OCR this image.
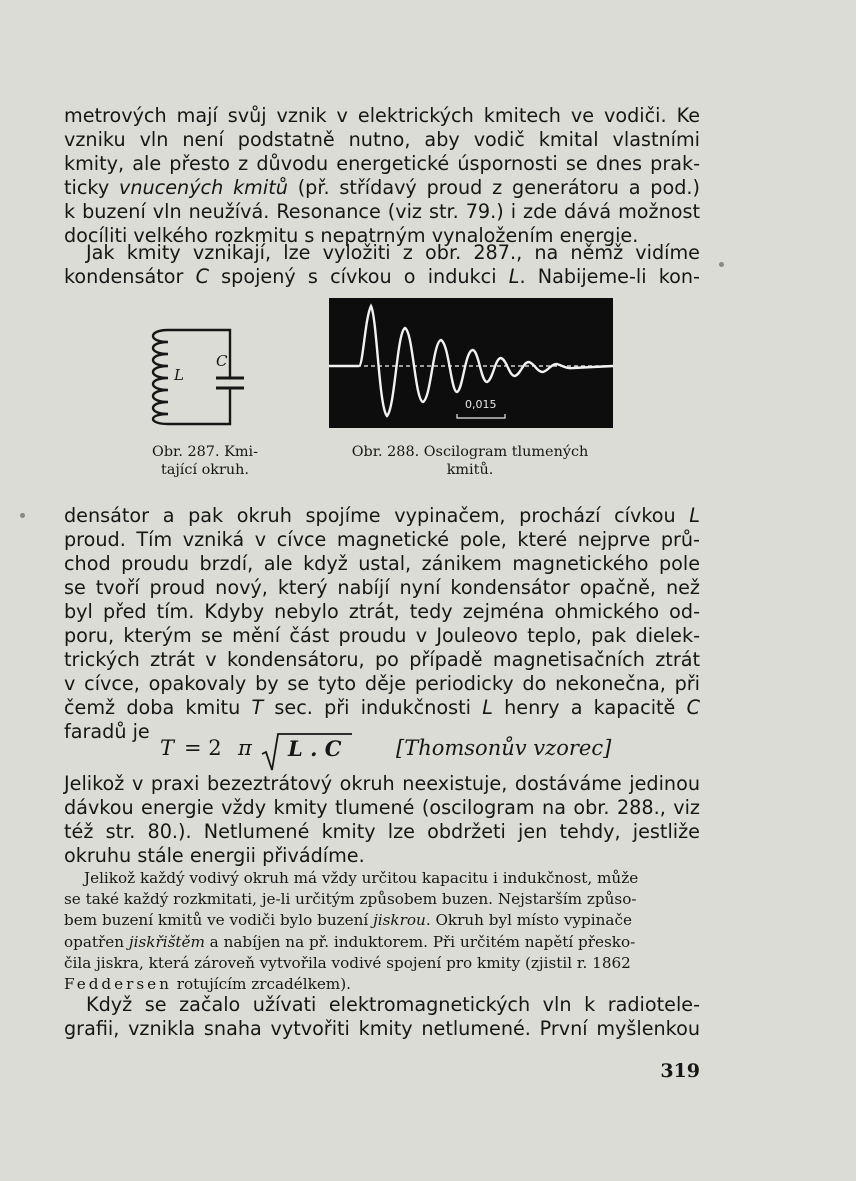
metrových mají svůj vznik v elektrických kmitech ve vodiči. Ke
vzniku vln není podstatně nutno, aby vodič kmital vlastními
kmity, ale přesto z důvodu energetické úspornosti se dnes prak-
ticky vnucených kmitů (př. střídavý proud z generátoru a pod.)
k buzení vln neužívá. Resonance (viz str. 79.) i zde dává možnost
docíliti velkého rozkmitu s nepatrným vynaložením energie.
Jak kmity vznikají, lze vyložiti z obr. 287., na němž vidíme
kondensátor C spojený s cívkou o indukci L. Nabijeme-li kon-
L
C
Obr. 287. Kmi-
tající okruh.
0,015
Obr. 288. Oscilogram tlumených
kmitů.
densátor a pak okruh spojíme vypinačem, prochází cívkou L
proud. Tím vzniká v cívce magnetické pole, které nejprve prů-
chod proudu brzdí, ale když ustal, zánikem magnetického pole
se tvoří proud nový, který nabíjí nyní kondensátor opačně, než
byl před tím. Kdyby nebylo ztrát, tedy zejména ohmického od-
poru, kterým se mění část proudu v Jouleovo teplo, pak dielek-
trických ztrát v kondensátoru, po případě magnetisačních ztrát
v cívce, opakovaly by se tyto děje periodicky do nekonečna, při
čemž doba kmitu T sec. při indukčnosti L henry a kapacitě C
faradů je
T = 2 π L . C	[Thomsonův vzorec]
Jelikož v praxi bezeztrátový okruh neexistuje, dostáváme jedinou
dávkou energie vždy kmity tlumené (oscilogram na obr. 288., viz
též str. 80.). Netlumené kmity lze obdržeti jen tehdy, jestliže
okruhu stále energii přivádíme.
Jelikož každý vodivý okruh má vždy určitou kapacitu i indukčnost, může
se také každý rozkmitati, je-li určitým způsobem buzen. Nejstarším způso-
bem buzení kmitů ve vodiči bylo buzení jiskrou. Okruh byl místo vypinače
opatřen jiskřištěm a nabíjen na př. induktorem. Při určitém napětí přesko-
čila jiskra, která zároveň vytvořila vodivé spojení pro kmity (zjistil r. 1862
Feddersen rotujícím zrcadélkem).
Když se začalo užívati elektromagnetických vln k radiotele-
grafii, vznikla snaha vytvořiti kmity netlumené. První myšlenkou
319
